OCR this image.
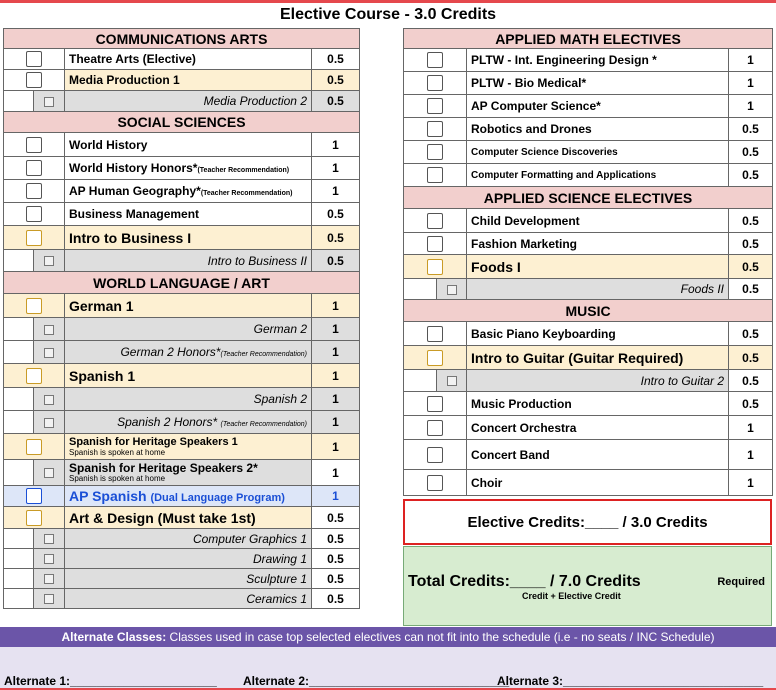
Elective Course - 3.0 Credits
COMMUNICATIONS ARTS			
		Theatre Arts (Elective)	0.5
		Media Production 1	0.5
		Media Production 2	0.5
SOCIAL SCIENCES			
		World History	1
		World History Honors*(Teacher Recommendation)	1
		AP Human Geography*(Teacher Recommendation)	1
		Business Management	0.5
		Intro to Business I	0.5
		Intro to Business II	0.5
WORLD LANGUAGE / ART			
		German 1	1
		German 2	1
		German 2 Honors*(Teacher Recommendation)	1
		Spanish 1	1
		Spanish 2	1
		Spanish 2 Honors* (Teacher Recommendation)	1
		Spanish for Heritage Speakers 1
Spanish is spoken at home	1
		Spanish for Heritage Speakers 2*
Spanish is spoken at home	1
		AP Spanish (Dual Language Program)	1
		Art & Design (Must take 1st)	0.5
		Computer Graphics 1	0.5
		Drawing 1	0.5
		Sculpture 1	0.5
		Ceramics 1	0.5
APPLIED MATH ELECTIVES			
		PLTW - Int. Engineering Design *	1
		PLTW - Bio Medical*	1
		AP Computer Science*	1
		Robotics and Drones	0.5
		Computer Science Discoveries	0.5
		Computer Formatting and Applications	0.5
APPLIED SCIENCE ELECTIVES			
		Child Development	0.5
		Fashion Marketing	0.5
		Foods I	0.5
		Foods II	0.5
MUSIC			
		Basic Piano Keyboarding	0.5
		Intro to Guitar (Guitar Required)	0.5
		Intro to Guitar 2	0.5
		Music Production	0.5
		Concert Orchestra	1
		Concert Band	1
		Choir	1
Elective Credits:____ / 3.0 Credits
Total Credits:____ / 7.0 Credits	Required
Credit + Elective Credit
Alternate Classes: Classes used in case top selected electives can not fit into the schedule (i.e - no seats / INC Schedule)
Alternate 1:______________________ Alternate 2:______________________________
Alternate 3:______________________________
